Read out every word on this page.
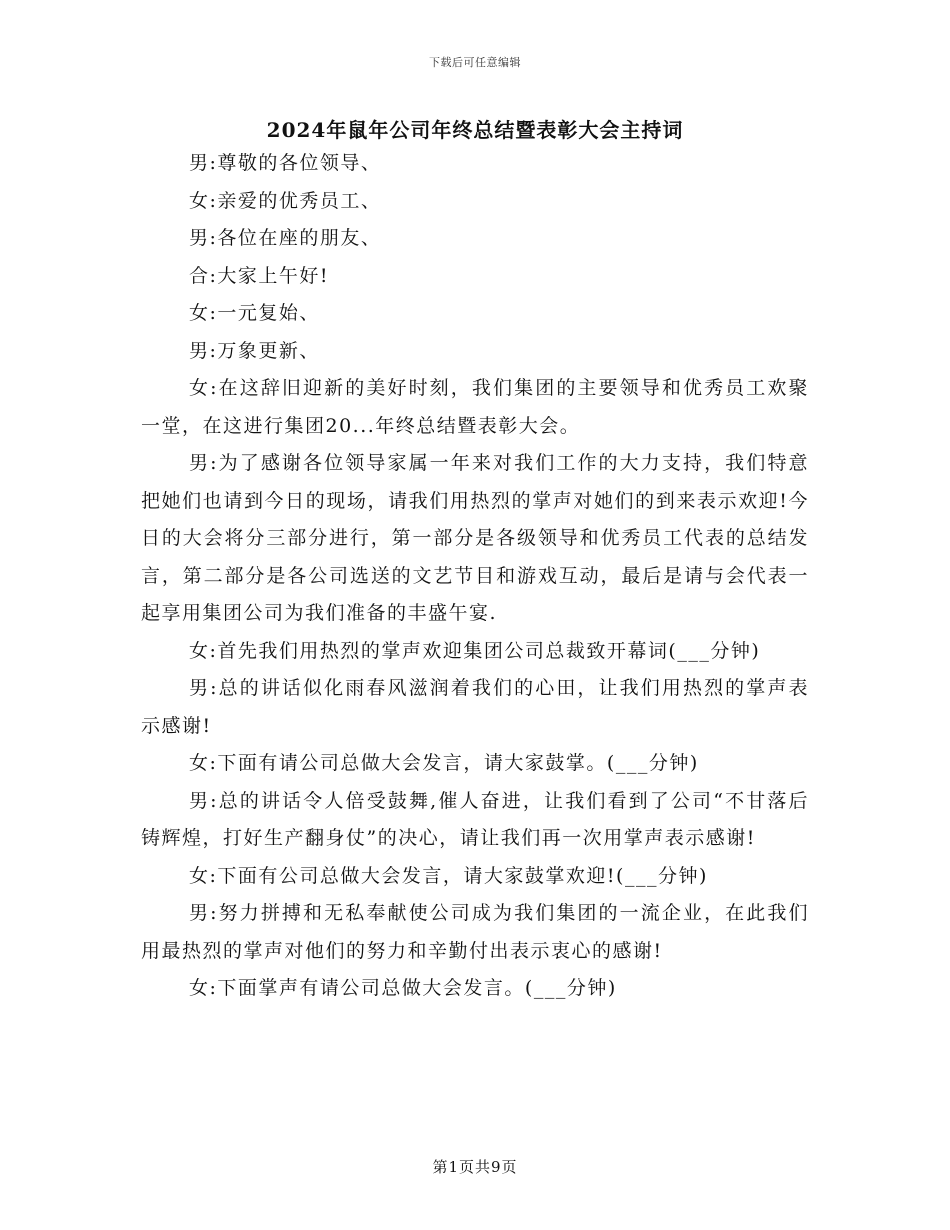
下载后可任意编辑
2024年鼠年公司年终总结暨表彰大会主持词

男:尊敬的各位领导、

女:亲爱的优秀员工、

男:各位在座的朋友、

合:大家上午好!

女:一元复始、

男:万象更新、

女:在这辞旧迎新的美好时刻，我们集团的主要领导和优秀员工欢聚一堂，在这进行集团20...年终总结暨表彰大会。

男:为了感谢各位领导家属一年来对我们工作的大力支持，我们特意把她们也请到今日的现场，请我们用热烈的掌声对她们的到来表示欢迎!今日的大会将分三部分进行，第一部分是各级领导和优秀员工代表的总结发言，第二部分是各公司选送的文艺节目和游戏互动，最后是请与会代表一起享用集团公司为我们准备的丰盛午宴.

女:首先我们用热烈的掌声欢迎集团公司总裁致开幕词(___分钟)

男:总的讲话似化雨春风滋润着我们的心田，让我们用热烈的掌声表示感谢!

女:下面有请公司总做大会发言，请大家鼓掌。(___分钟)

男:总的讲话令人倍受鼓舞,催人奋进，让我们看到了公司“不甘落后铸辉煌，打好生产翻身仗”的决心，请让我们再一次用掌声表示感谢!

女:下面有公司总做大会发言，请大家鼓掌欢迎!(___分钟)

男:努力拼搏和无私奉献使公司成为我们集团的一流企业，在此我们用最热烈的掌声对他们的努力和辛勤付出表示衷心的感谢!

女:下面掌声有请公司总做大会发言。(___分钟)

第1页共9页
